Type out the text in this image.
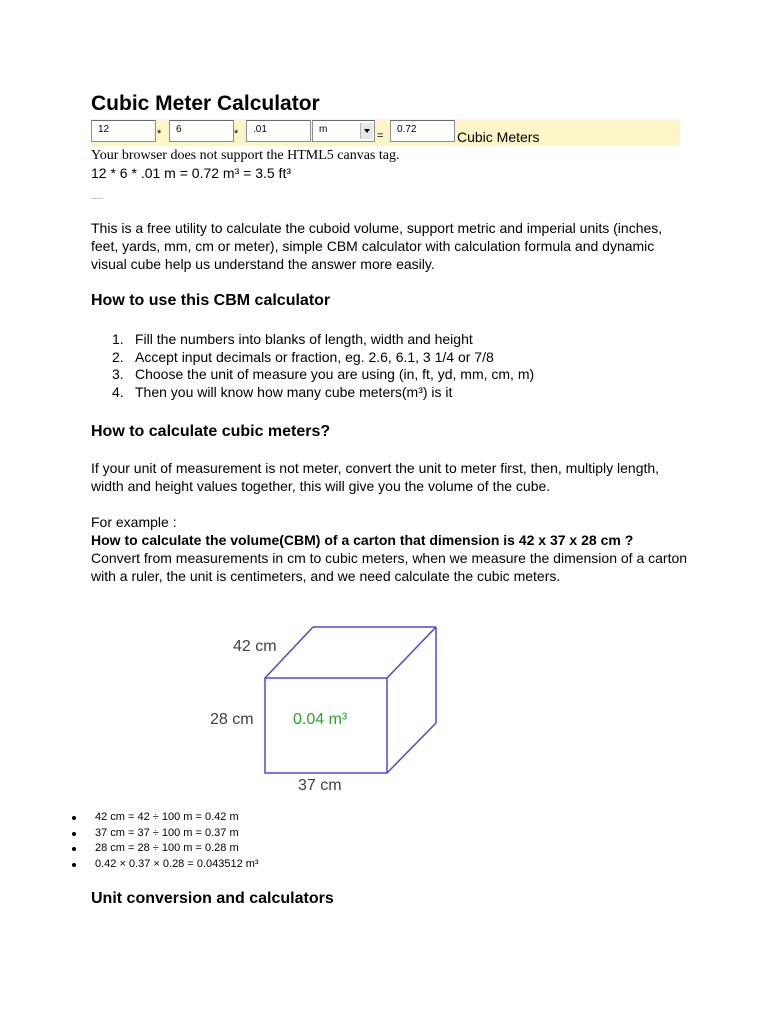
Cubic Meter Calculator
12	*	6	*	.01	m
=
0.72	Cubic Meters
Your browser does not support the HTML5 canvas tag.
12 * 6 * .01 m = 0.72 m³ = 3.5 ft³

This is a free utility to calculate the cuboid volume, support metric and imperial units (inches, feet, yards, mm, cm or meter), simple CBM calculator with calculation formula and dynamic visual cube help us understand the answer more easily.

How to use this CBM calculator
1. Fill the numbers into blanks of length, width and height
2. Accept input decimals or fraction, eg. 2.6, 6.1, 3 1/4 or 7/8
3. Choose the unit of measure you are using (in, ft, yd, mm, cm, m)
4. Then you will know how many cube meters(m³) is it
How to calculate cubic meters?

If your unit of measurement is not meter, convert the unit to meter first, then, multiply length, width and height values together, this will give you the volume of the cube.

For example :

How to calculate the volume(CBM) of a carton that dimension is 42 x 37 x 28 cm ?

Convert from measurements in cm to cubic meters, when we measure the dimension of a carton with a ruler, the unit is centimeters, and we need calculate the cubic meters.

42 cm
28 cm 0.04 m³
37 cm
42 cm = 42 ÷ 100 m = 0.42 m
37 cm = 37 ÷ 100 m = 0.37 m
28 cm = 28 ÷ 100 m = 0.28 m
0.42 × 0.37 × 0.28 = 0.043512 m³
Unit conversion and calculators
